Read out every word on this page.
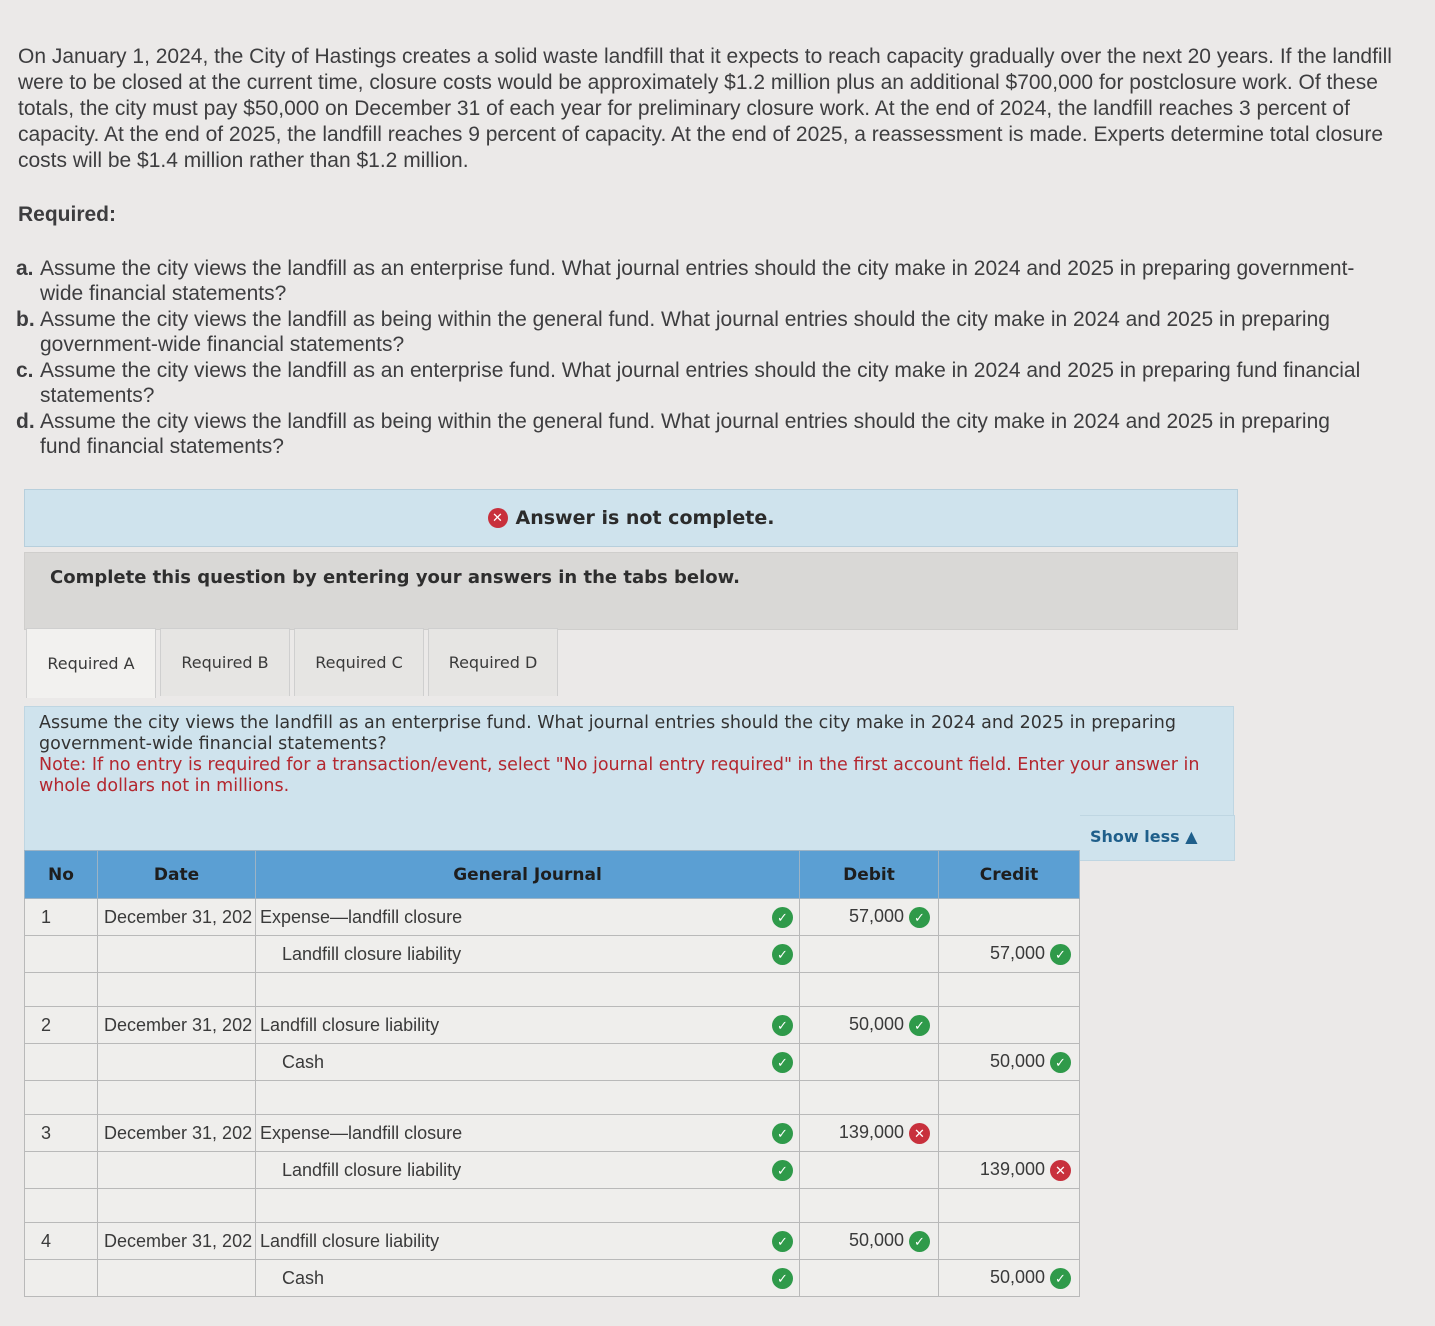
On January 1, 2024, the City of Hastings creates a solid waste landfill that it expects to reach capacity gradually over the next 20 years. If the landfill were to be closed at the current time, closure costs would be approximately $1.2 million plus an additional $700,000 for postclosure work. Of these totals, the city must pay $50,000 on December 31 of each year for preliminary closure work. At the end of 2024, the landfill reaches 3 percent of capacity. At the end of 2025, the landfill reaches 9 percent of capacity. At the end of 2025, a reassessment is made. Experts determine total closure costs will be $1.4 million rather than $1.2 million.

Required:
a. Assume the city views the landfill as an enterprise fund. What journal entries should the city make in 2024 and 2025 in preparing government-wide financial statements?
b. Assume the city views the landfill as being within the general fund. What journal entries should the city make in 2024 and 2025 in preparing government-wide financial statements?
c. Assume the city views the landfill as an enterprise fund. What journal entries should the city make in 2024 and 2025 in preparing fund financial statements?
d. Assume the city views the landfill as being within the general fund. What journal entries should the city make in 2024 and 2025 in preparing fund financial statements?
✕ Answer is not complete.
Complete this question by entering your answers in the tabs below.
Required A	Required B	Required C	Required D
Assume the city views the landfill as an enterprise fund. What journal entries should the city make in 2024 and 2025 in preparing government-wide financial statements?
Note: If no entry is required for a transaction/event, select "No journal entry required" in the first account field. Enter your answer in whole dollars not in millions.
Show less ▲
No	Date	General Journal	Debit	Credit
1	December 31, 202	Expense—landfill closure ✓	57,000 ✓	
		Landfill closure liability ✓		57,000 ✓

2	December 31, 202	Landfill closure liability ✓	50,000 ✓	
		Cash ✓		50,000 ✓

3	December 31, 202	Expense—landfill closure ✓	139,000 ✕	
		Landfill closure liability ✓		139,000 ✕

4	December 31, 202	Landfill closure liability ✓	50,000 ✓	
		Cash ✓		50,000 ✓
